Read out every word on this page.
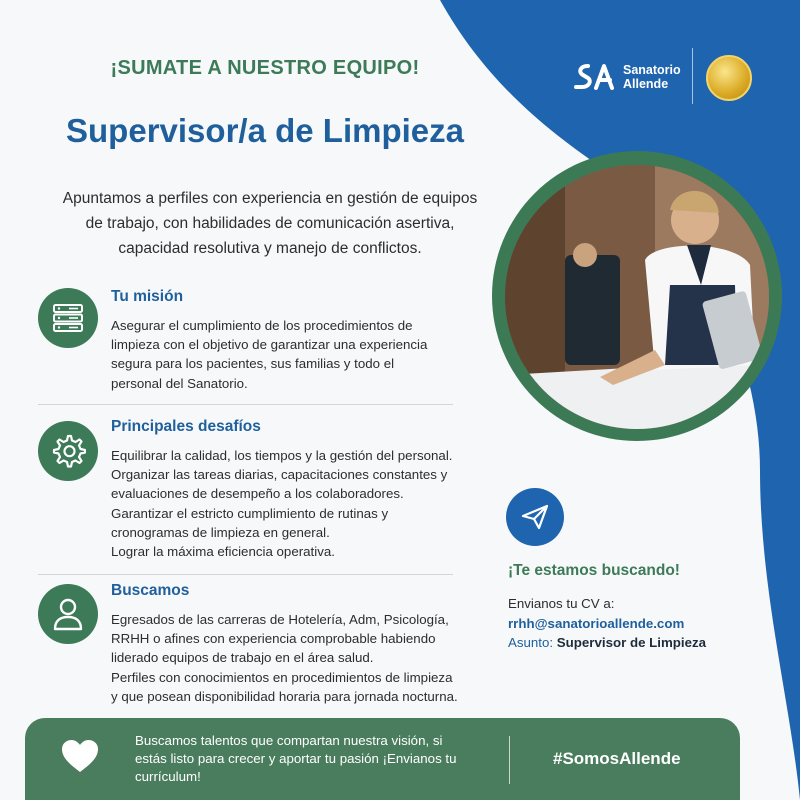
¡SUMATE A NUESTRO EQUIPO!
Supervisor/a de Limpieza
Apuntamos a perfiles con experiencia en gestión de equipos de trabajo, con habilidades de comunicación asertiva, capacidad resolutiva y manejo de conflictos.
Sanatorio
Allende
Tu misión
Asegurar el cumplimiento de los procedimientos de
limpieza con el objetivo de garantizar una experiencia
segura para los pacientes, sus familias y todo el
personal del Sanatorio.
Principales desafíos
Equilibrar la calidad, los tiempos y la gestión del personal.
Organizar las tareas diarias, capacitaciones constantes y
evaluaciones de desempeño a los colaboradores.
Garantizar el estricto cumplimiento de rutinas y
cronogramas de limpieza en general.
Lograr la máxima eficiencia operativa.
Buscamos
Egresados de las carreras de Hotelería, Adm, Psicología,
RRHH o afines con experiencia comprobable habiendo
liderado equipos de trabajo en el área salud.
Perfiles con conocimientos en procedimientos de limpieza
y que posean disponibilidad horaria para jornada nocturna.
¡Te estamos buscando!
Envianos tu CV a:
rrhh@sanatorioallende.com
Asunto: Supervisor de Limpieza
Buscamos talentos que compartan nuestra visión, si estás listo para crecer y aportar tu pasión ¡Envianos tu currículum!
#SomosAllende
